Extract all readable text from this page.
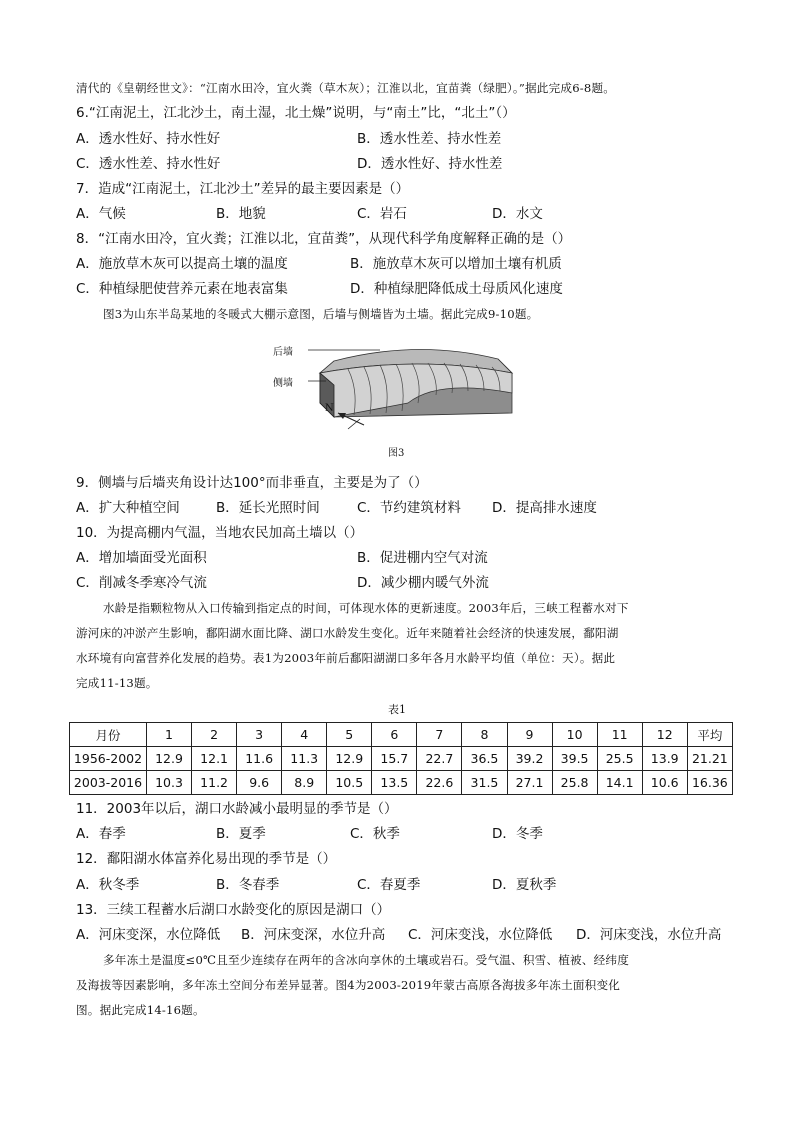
清代的《皇朝经世文》：“江南水田冷，宜火粪（草木灰）；江淮以北，宜苗粪（绿肥）。”据此完成6-8题。
6.“江南泥土，江北沙土，南土湿，北土燥”说明，与“南土”比，“北土”（）
A．透水性好、持水性好	B．透水性差、持水性差
C．透水性差、持水性好	D．透水性好、持水性差
7．造成“江南泥土，江北沙土”差异的最主要因素是（）
A．气候	B．地貌	C．岩石	D．水文
8．“江南水田冷，宜火粪；江淮以北，宜苗粪”，从现代科学角度解释正确的是（）
A．施放草木灰可以提高土壤的温度	B．施放草木灰可以增加土壤有机质
C．种植绿肥使营养元素在地表富集	D．种植绿肥降低成土母质风化速度
图3为山东半岛某地的冬暖式大棚示意图，后墙与侧墙皆为土墙。据此完成9-10题。
后墙
侧墙
N
图3
9．侧墙与后墙夹角设计达100°而非垂直，主要是为了（）
A．扩大种植空间	B．延长光照时间	C．节约建筑材料 D．提高排水速度
10．为提高棚内气温，当地农民加高土墙以（）
A．增加墙面受光面积	B．促进棚内空气对流
C．削减冬季寒冷气流	D．减少棚内暖气外流
水龄是指颗粒物从入口传输到指定点的时间，可体现水体的更新速度。2003年后，三峡工程蓄水对下
游河床的冲淤产生影响，鄱阳湖水面比降、湖口水龄发生变化。近年来随着社会经济的快速发展，鄱阳湖
水环境有向富营养化发展的趋势。表1为2003年前后鄱阳湖湖口多年各月水龄平均值（单位：天）。据此
完成11-13题。
表1
月份	1	2	3	4	5	6	7	8	9	10	11	12	平均
1956-2002	12.9	12.1	11.6	11.3	12.9	15.7	22.7	36.5	39.2	39.5	25.5	13.9	21.21
2003-2016	10.3	11.2	9.6	8.9	10.5	13.5	22.6	31.5	27.1	25.8	14.1	10.6	16.36
11．2003年以后，湖口水龄减小最明显的季节是（）
A．春季	B．夏季	C．秋季	D．冬季
12．鄱阳湖水体富养化易出现的季节是（）
A．秋冬季	B．冬春季	C．春夏季	D．夏秋季
13．三续工程蓄水后湖口水龄变化的原因是湖口（）
A．河床变深，水位降低 B．河床变深，水位升高 C．河床变浅，水位降低 D．河床变浅，水位升高
多年冻土是温度≤0℃且至少连续存在两年的含冰向享休的土壤或岩石。受气温、积雪、植被、经纬度
及海拔等因素影响，多年冻土空间分布差异显著。图4为2003-2019年蒙古高原各海拔多年冻土面积变化
图。据此完成14-16题。
